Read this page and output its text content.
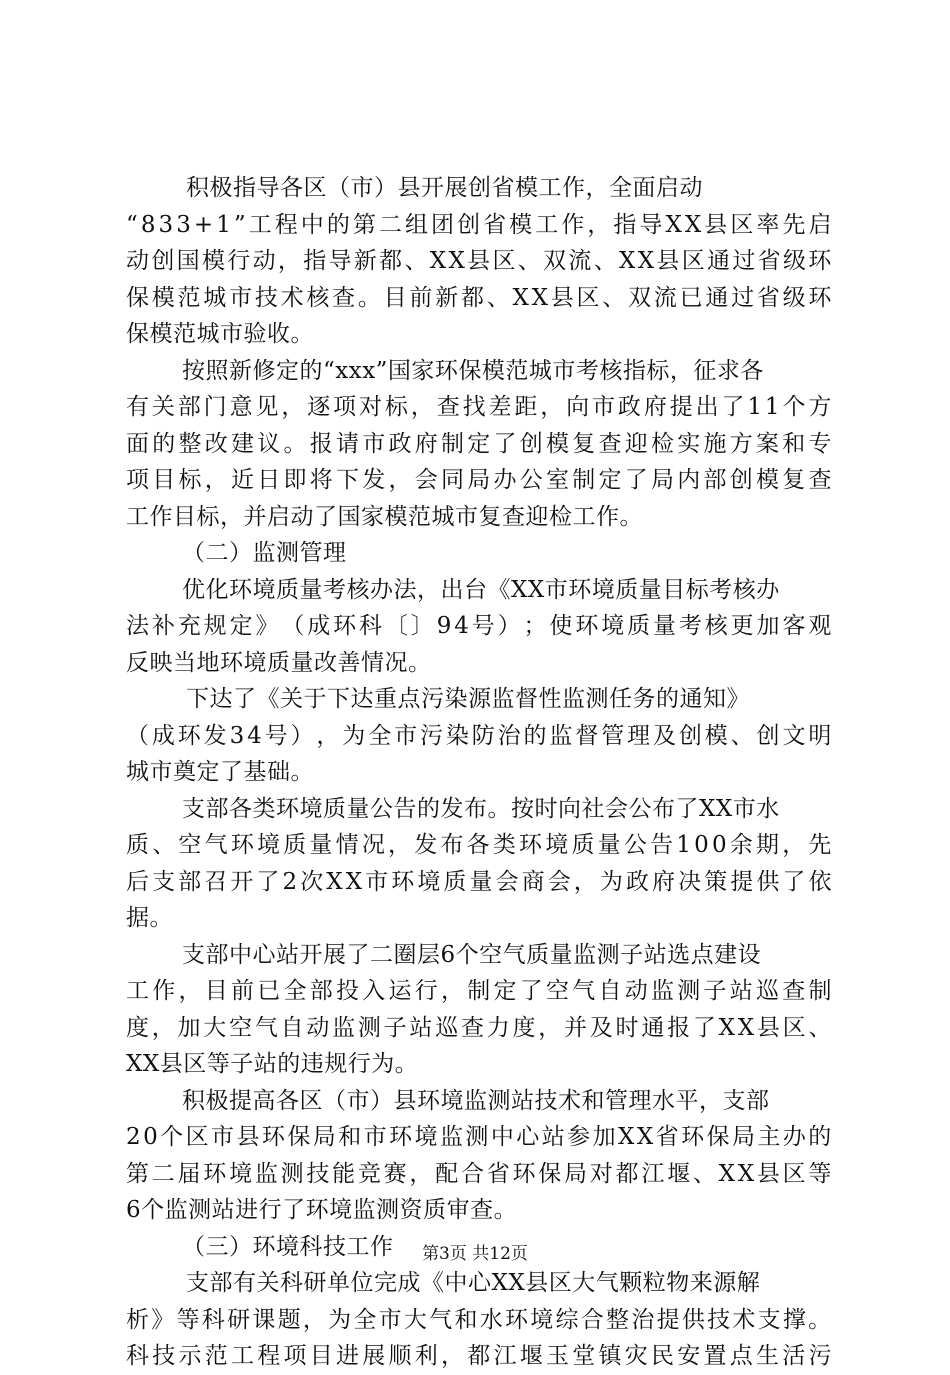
积极指导各区（市）县开展创省模工作，全面启动
“ 8 3 3 + 1 ” 工 程 中 的 第 二 组 团 创 省 模 工 作 ， 指 导 X X 县 区 率 先 启
动 创 国 模 行 动 ， 指 导 新 都 、 X X 县 区 、 双 流 、 X X 县 区 通 过 省 级 环
保 模 范 城 市 技 术 核 查 。 目 前 新 都 、 X X 县 区 、 双 流 已 通 过 省 级 环
保模范城市验收。
按照新修定的“xxx”国家环保模范城市考核指标，征求各
有 关 部 门 意 见 ， 逐 项 对 标 ， 查 找 差 距 ， 向 市 政 府 提 出 了 1 1 个 方
面 的 整 改 建 议 。 报 请 市 政 府 制 定 了 创 模 复 查 迎 检 实 施 方 案 和 专
项 目 标 ， 近 日 即 将 下 发 ， 会 同 局 办 公 室 制 定 了 局 内 部 创 模 复 查
工作目标，并启动了国家模范城市复查迎检工作。
（二）监测管理
优化环境质量考核办法，出台《XX市环境质量目标考核办
法 补 充 规 定 》 （ 成 环 科 〔 〕 9 4 号 ） ； 使 环 境 质 量 考 核 更 加 客 观
反映当地环境质量改善情况。
下达了《关于下达重点污染源监督性监测任务的通知》
（ 成 环 发 3 4 号 ） ， 为 全 市 污 染 防 治 的 监 督 管 理 及 创 模 、 创 文 明
城市奠定了基础。
支部各类环境质量公告的发布。按时向社会公布了XX市水
质 、 空 气 环 境 质 量 情 况 ， 发 布 各 类 环 境 质 量 公 告 1 0 0 余 期 ， 先
后 支 部 召 开 了 2 次 X X 市 环 境 质 量 会 商 会 ， 为 政 府 决 策 提 供 了 依
据。
支部中心站开展了二圈层6个空气质量监测子站选点建设
工 作 ， 目 前 已 全 部 投 入 运 行 ， 制 定 了 空 气 自 动 监 测 子 站 巡 查 制
度 ， 加 大 空 气 自 动 监 测 子 站 巡 查 力 度 ， 并 及 时 通 报 了 X X 县 区 、
XX县区等子站的违规行为。
积极提高各区（市）县环境监测站技术和管理水平，支部
2 0 个 区 市 县 环 保 局 和 市 环 境 监 测 中 心 站 参 加 X X 省 环 保 局 主 办 的
第 二 届 环 境 监 测 技 能 竞 赛 ， 配 合 省 环 保 局 对 都 江 堰 、 X X 县 区 等
6个监测站进行了环境监测资质审查。
（三）环境科技工作
支部有关科研单位完成《中心XX县区大气颗粒物来源解
析 》 等 科 研 课 题 ， 为 全 市 大 气 和 水 环 境 综 合 整 治 提 供 技 术 支 撑 。
科 技 示 范 工 程 项 目 进 展 顺 利 ， 都 江 堰 玉 堂 镇 灾 民 安 置 点 生 活 污
第3页 共12页
